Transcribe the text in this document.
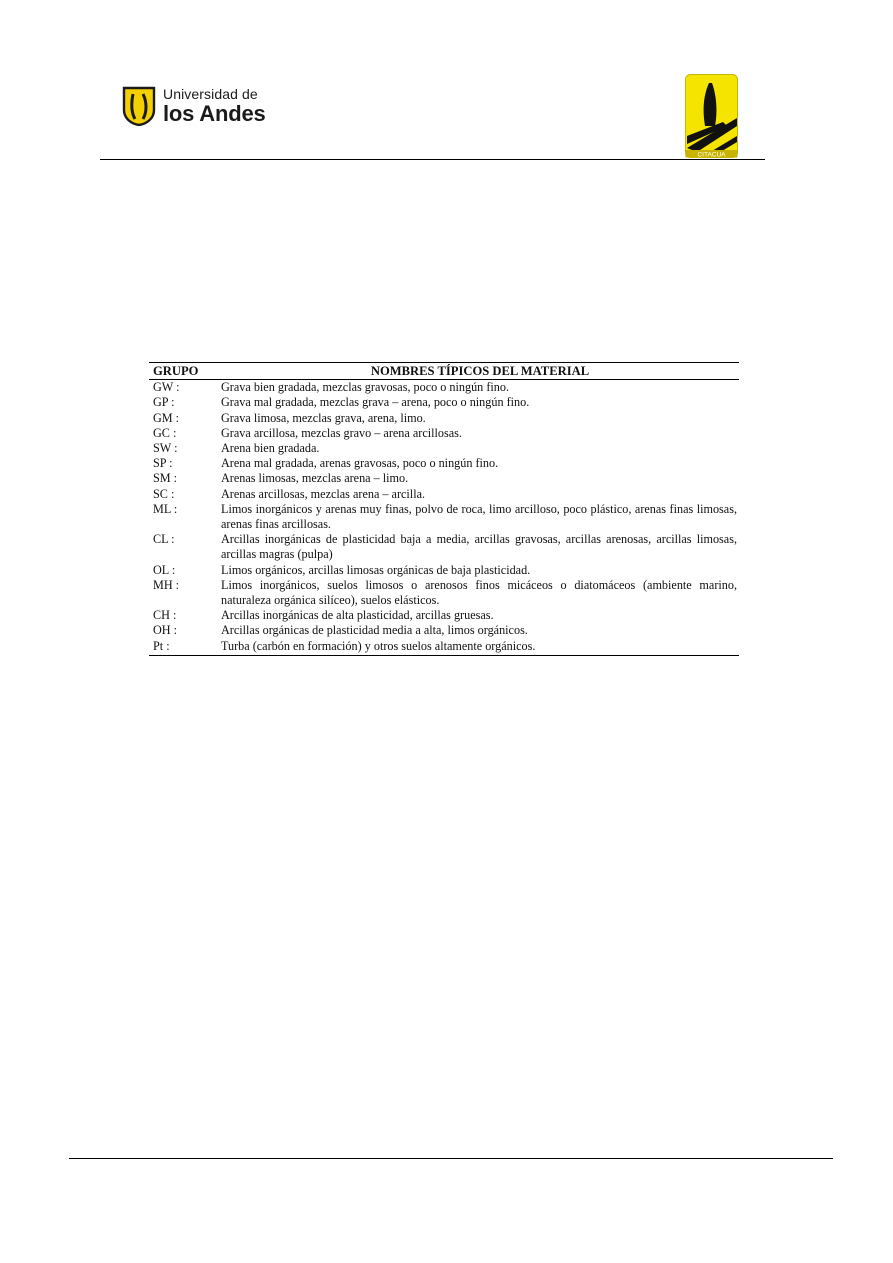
Universidad de
los Andes
CITACUA
GRUPO	NOMBRES TÍPICOS DEL MATERIAL
GW :	Grava bien gradada, mezclas gravosas, poco o ningún fino.
GP :	Grava mal gradada, mezclas grava – arena, poco o ningún fino.
GM :	Grava limosa, mezclas grava, arena, limo.
GC :	Grava arcillosa, mezclas gravo – arena arcillosas.
SW :	Arena bien gradada.
SP :	Arena mal gradada, arenas gravosas, poco o ningún fino.
SM :	Arenas limosas, mezclas arena – limo.
SC :	Arenas arcillosas, mezclas arena – arcilla.
ML :	Limos inorgánicos y arenas muy finas, polvo de roca, limo arcilloso, poco plástico, arenas finas limosas, arenas finas arcillosas.
CL :	Arcillas inorgánicas de plasticidad baja a media, arcillas gravosas, arcillas arenosas, arcillas limosas, arcillas magras (pulpa)
OL :	Limos orgánicos, arcillas limosas orgánicas de baja plasticidad.
MH :	Limos inorgánicos, suelos limosos o arenosos finos micáceos o diatomáceos (ambiente marino, naturaleza orgánica silíceo), suelos elásticos.
CH :	Arcillas inorgánicas de alta plasticidad, arcillas gruesas.
OH :	Arcillas orgánicas de plasticidad media a alta, limos orgánicos.
Pt :	Turba (carbón en formación) y otros suelos altamente orgánicos.
